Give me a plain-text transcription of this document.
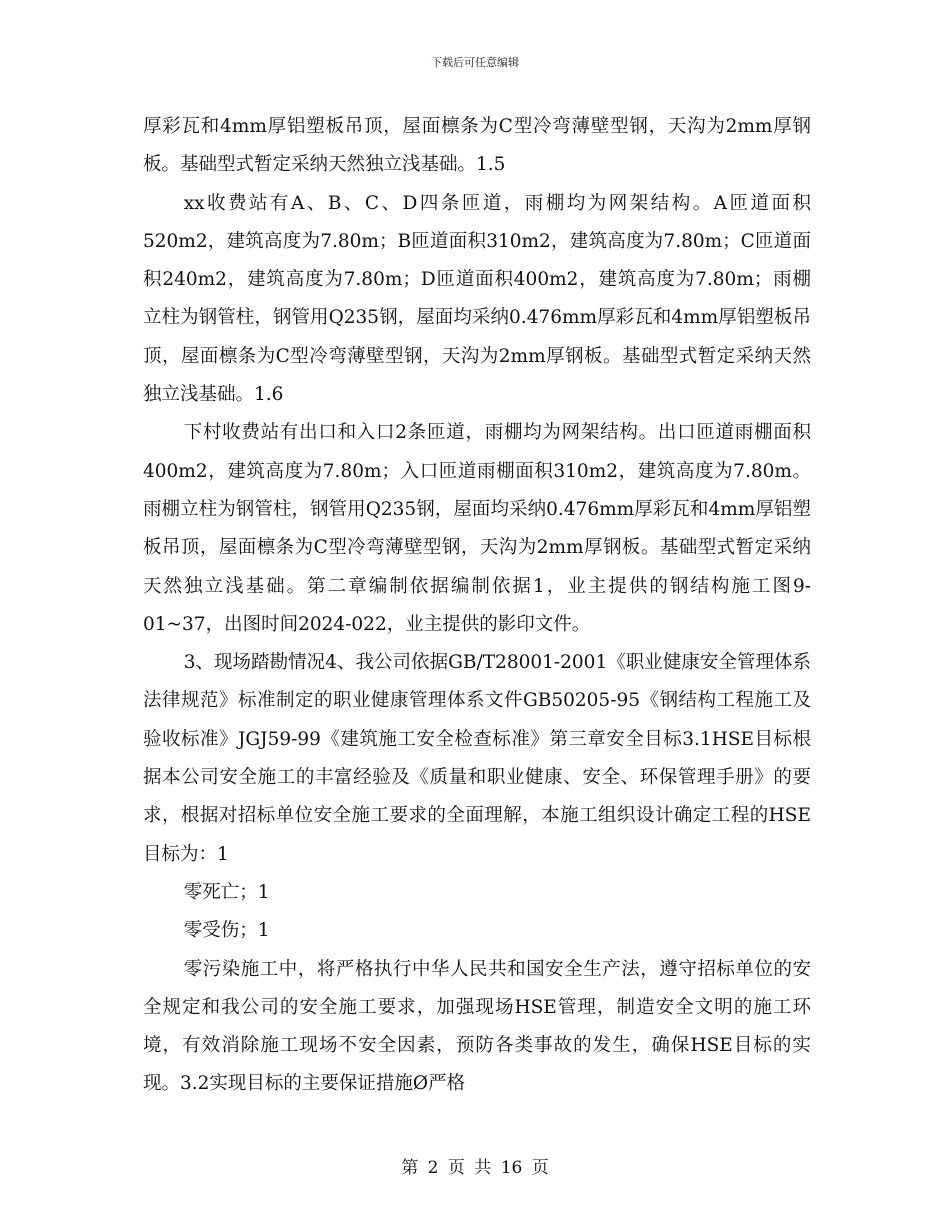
下载后可任意编辑

厚彩瓦和4mm厚铝塑板吊顶，屋面檩条为C型冷弯薄壁型钢，天沟为2mm厚钢板。基础型式暂定采纳天然独立浅基础。1.5

xx收费站有A、B、C、D四条匝道，雨棚均为网架结构。A匝道面积520m2，建筑高度为7.80m；B匝道面积310m2，建筑高度为7.80m；C匝道面积240m2，建筑高度为7.80m；D匝道面积400m2，建筑高度为7.80m；雨棚立柱为钢管柱，钢管用Q235钢，屋面均采纳0.476mm厚彩瓦和4mm厚铝塑板吊顶，屋面檩条为C型冷弯薄壁型钢，天沟为2mm厚钢板。基础型式暂定采纳天然独立浅基础。1.6

下村收费站有出口和入口2条匝道，雨棚均为网架结构。出口匝道雨棚面积400m2，建筑高度为7.80m；入口匝道雨棚面积310m2，建筑高度为7.80m。雨棚立柱为钢管柱，钢管用Q235钢，屋面均采纳0.476mm厚彩瓦和4mm厚铝塑板吊顶，屋面檩条为C型冷弯薄壁型钢，天沟为2mm厚钢板。基础型式暂定采纳天然独立浅基础。第二章编制依据编制依据1，业主提供的钢结构施工图9-01~37，出图时间2024-022，业主提供的影印文件。

3、现场踏勘情况4、我公司依据GB/T28001-2001《职业健康安全管理体系法律规范》标准制定的职业健康管理体系文件GB50205-95《钢结构工程施工及验收标准》JGJ59-99《建筑施工安全检查标准》第三章安全目标3.1HSE目标根据本公司安全施工的丰富经验及《质量和职业健康、安全、环保管理手册》的要求，根据对招标单位安全施工要求的全面理解，本施工组织设计确定工程的HSE目标为：1

零死亡；1

零受伤；1

零污染施工中，将严格执行中华人民共和国安全生产法，遵守招标单位的安全规定和我公司的安全施工要求，加强现场HSE管理，制造安全文明的施工环境，有效消除施工现场不安全因素，预防各类事故的发生，确保HSE目标的实现。3.2实现目标的主要保证措施Ø严格

第 2 页 共 16 页
